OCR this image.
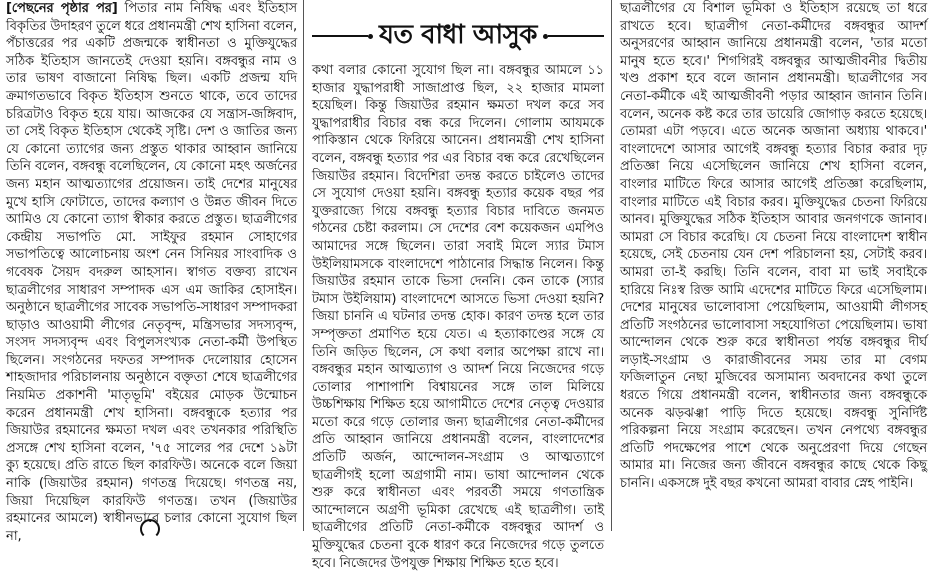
[পেছনের পৃষ্ঠার পর] পিতার নাম নিষিদ্ধ এবং ইতিহাস বিকৃতির উদাহরণ তুলে ধরে প্রধানমন্ত্রী শেখ হাসিনা বলেন, পঁচাত্তরের পর একটি প্রজন্মকে স্বাধীনতা ও মুক্তিযুদ্ধের সঠিক ইতিহাস জানতেই দেওয়া হয়নি। বঙ্গবন্ধুর নাম ও তার ভাষণ বাজানো নিষিদ্ধ ছিল। একটি প্রজন্ম যদি ক্রমাগতভাবে বিকৃত ইতিহাস শুনতে থাকে, তবে তাদের চরিত্রটাও বিকৃত হয়ে যায়। আজকের যে সন্ত্রাস-জঙ্গিবাদ, তা সেই বিকৃত ইতিহাস থেকেই সৃষ্টি। দেশ ও জাতির জন্য যে কোনো ত্যাগের জন্য প্রস্তুত থাকার আহ্বান জানিয়ে তিনি বলেন, বঙ্গবন্ধু বলেছিলেন, যে কোনো মহৎ অর্জনের জন্য মহান আত্মত্যাগের প্রয়োজন। তাই দেশের মানুষের মুখে হাসি ফোটাতে, তাদের কল্যাণ ও উন্নত জীবন দিতে আমিও যে কোনো ত্যাগ স্বীকার করতে প্রস্তুত। ছাত্রলীগের কেন্দ্রীয় সভাপতি মো. সাইফুর রহমান সোহাগের সভাপতিত্বে আলোচনায় অংশ নেন সিনিয়র সাংবাদিক ও গবেষক সৈয়দ বদরুল আহসান। স্বাগত বক্তব্য রাখেন ছাত্রলীগের সাধারণ সম্পাদক এস এম জাকির হোসাইন। অনুষ্ঠানে ছাত্রলীগের সাবেক সভাপতি-সাধারণ সম্পাদকরা ছাড়াও আওয়ামী লীগের নেতৃবৃন্দ, মন্ত্রিসভার সদস্যবৃন্দ, সংসদ সদস্যবৃন্দ এবং বিপুলসংখ্যক নেতা-কর্মী উপস্থিত ছিলেন। সংগঠনের দফতর সম্পাদক দেলোয়ার হোসেন শাহজাদার পরিচালনায় অনুষ্ঠানে বক্তৃতা শেষে ছাত্রলীগের নিয়মিত প্রকাশনী 'মাতৃভূমি' বইয়ের মোড়ক উন্মোচন করেন প্রধানমন্ত্রী শেখ হাসিনা। বঙ্গবন্ধুকে হত্যার পর জিয়াউর রহমানের ক্ষমতা দখল এবং তখনকার পরিস্থিতি প্রসঙ্গে শেখ হাসিনা বলেন, '৭৫ সালের পর দেশে ১৯টা ক্যু হয়েছে। প্রতি রাতে ছিল কারফিউ। অনেকে বলে জিয়া নাকি (জিয়াউর রহমান) গণতন্ত্র দিয়েছে। গণতন্ত্র নয়, জিয়া দিয়েছিল কারফিউ গণতন্ত্র। তখন (জিয়াউর রহমানের আমলে) স্বাধীনভাবে চলার কোনো সুযোগ ছিল না,

যত বাধা আসুক

কথা বলার কোনো সুযোগ ছিল না। বঙ্গবন্ধুর আমলে ১১ হাজার যুদ্ধাপরাধী সাজাপ্রাপ্ত ছিল, ২২ হাজার মামলা হয়েছিল। কিন্তু জিয়াউর রহমান ক্ষমতা দখল করে সব যুদ্ধাপরাধীর বিচার বন্ধ করে দিলেন। গোলাম আযমকে পাকিস্তান থেকে ফিরিয়ে আনেন। প্রধানমন্ত্রী শেখ হাসিনা বলেন, বঙ্গবন্ধু হত্যার পর এর বিচার বন্ধ করে রেখেছিলেন জিয়াউর রহমান। বিদেশিরা তদন্ত করতে চাইলেও তাদের সে সুযোগ দেওয়া হয়নি। বঙ্গবন্ধু হত্যার কয়েক বছর পর যুক্তরাজ্যে গিয়ে বঙ্গবন্ধু হত্যার বিচার দাবিতে জনমত গঠনের চেষ্টা করলাম। সে দেশের বেশ কয়েকজন এমপিও আমাদের সঙ্গে ছিলেন। তারা সবাই মিলে স্যার টমাস উইলিয়ামসকে বাংলাদেশে পাঠানোর সিদ্ধান্ত নিলেন। কিন্তু জিয়াউর রহমান তাকে ভিসা দেননি। কেন তাকে (স্যার টমাস উইলিয়াম) বাংলাদেশে আসতে ভিসা দেওয়া হয়নি? জিয়া চাননি এ ঘটনার তদন্ত হোক। কারণ তদন্ত হলে তার সম্পৃক্ততা প্রমাণিত হয়ে যেত। এ হত্যাকাণ্ডের সঙ্গে যে তিনি জড়িত ছিলেন, সে কথা বলার অপেক্ষা রাখে না। বঙ্গবন্ধুর মহান আত্মত্যাগ ও আদর্শ নিয়ে নিজেদের গড়ে তোলার পাশাপাশি বিশ্বায়নের সঙ্গে তাল মিলিয়ে উচ্চশিক্ষায় শিক্ষিত হয়ে আগামীতে দেশের নেতৃত্ব দেওয়ার মতো করে গড়ে তোলার জন্য ছাত্রলীগের নেতা-কর্মীদের প্রতি আহ্বান জানিয়ে প্রধানমন্ত্রী বলেন, বাংলাদেশের প্রতিটি অর্জন, আন্দোলন-সংগ্রাম ও আত্মত্যাগে ছাত্রলীগই হলো অগ্রগামী নাম। ভাষা আন্দোলন থেকে শুরু করে স্বাধীনতা এবং পরবর্তী সময়ে গণতান্ত্রিক আন্দোলনে অগ্রণী ভূমিকা রেখেছে এই ছাত্রলীগ। তাই ছাত্রলীগের প্রতিটি নেতা-কর্মীকে বঙ্গবন্ধুর আদর্শ ও মুক্তিযুদ্ধের চেতনা বুকে ধারণ করে নিজেদের গড়ে তুলতে হবে। নিজেদের উপযুক্ত শিক্ষায় শিক্ষিত হতে হবে।

ছাত্রলীগের যে বিশাল ভূমিকা ও ইতিহাস রয়েছে তা ধরে রাখতে হবে। ছাত্রলীগ নেতা-কর্মীদের বঙ্গবন্ধুর আদর্শ অনুসরণের আহ্বান জানিয়ে প্রধানমন্ত্রী বলেন, 'তার মতো মানুষ হতে হবে।' শিগগিরই বঙ্গবন্ধুর আত্মজীবনীর দ্বিতীয় খণ্ড প্রকাশ হবে বলে জানান প্রধানমন্ত্রী। ছাত্রলীগের সব নেতা-কর্মীকে এই আত্মজীবনী পড়ার আহ্বান জানান তিনি। বলেন, অনেক কষ্ট করে তার ডায়েরি জোগাড় করতে হয়েছে। তোমরা এটা পড়বে। এতে অনেক অজানা অধ্যায় থাকবে।' বাংলাদেশে আসার আগেই বঙ্গবন্ধু হত্যার বিচার করার দৃঢ় প্রতিজ্ঞা নিয়ে এসেছিলেন জানিয়ে শেখ হাসিনা বলেন, বাংলার মাটিতে ফিরে আসার আগেই প্রতিজ্ঞা করেছিলাম, বাংলার মাটিতে এই বিচার করব। মুক্তিযুদ্ধের চেতনা ফিরিয়ে আনব। মুক্তিযুদ্ধের সঠিক ইতিহাস আবার জনগণকে জানাব। আমরা সে বিচার করেছি। যে চেতনা নিয়ে বাংলাদেশ স্বাধীন হয়েছে, সেই চেতনায় যেন দেশ পরিচালনা হয়, সেটাই করব। আমরা তা-ই করছি। তিনি বলেন, বাবা মা ভাই সবাইকে হারিয়ে নিঃস্ব রিক্ত আমি এদেশের মাটিতে ফিরে এসেছিলাম। দেশের মানুষের ভালোবাসা পেয়েছিলাম, আওয়ামী লীগসহ প্রতিটি সংগঠনের ভালোবাসা সহযোগিতা পেয়েছিলাম। ভাষা আন্দোলন থেকে শুরু করে স্বাধীনতা পর্যন্ত বঙ্গবন্ধুর দীর্ঘ লড়াই-সংগ্রাম ও কারাজীবনের সময় তার মা বেগম ফজিলাতুন নেছা মুজিবের অসামান্য অবদানের কথা তুলে ধরতে গিয়ে প্রধানমন্ত্রী বলেন, স্বাধীনতার জন্য বঙ্গবন্ধুকে অনেক ঝড়ঝঞ্ঝা পাড়ি দিতে হয়েছে। বঙ্গবন্ধু সুনির্দিষ্ট পরিকল্পনা নিয়ে সংগ্রাম করেছেন। তখন নেপথ্যে বঙ্গবন্ধুর প্রতিটি পদক্ষেপের পাশে থেকে অনুপ্রেরণা দিয়ে গেছেন আমার মা। নিজের জন্য জীবনে বঙ্গবন্ধুর কাছে থেকে কিছু চাননি। একসঙ্গে দুই বছর কখনো আমরা বাবার স্নেহ পাইনি।
